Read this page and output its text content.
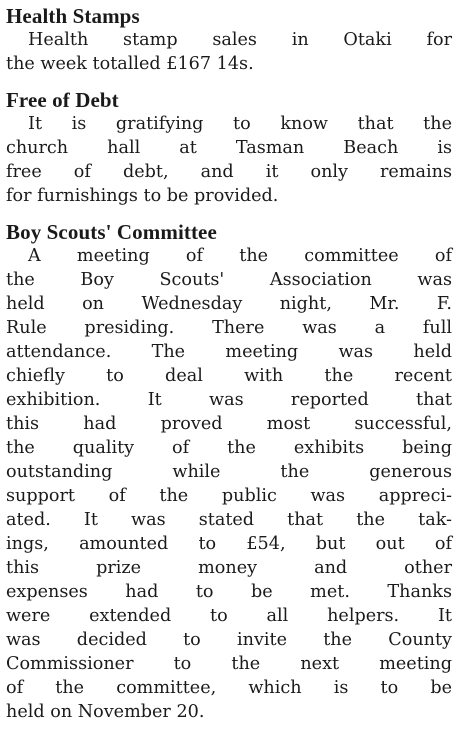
Health Stamps
Health stamp sales in Otaki for
the week totalled £167 14s.
Free of Debt
It is gratifying to know that the
church hall at Tasman Beach is
free of debt, and it only remains
for furnishings to be provided.
Boy Scouts' Committee
A meeting of the committee of
the Boy Scouts' Association was
held on Wednesday night, Mr. F.
Rule presiding. There was a full
attendance. The meeting was held
chiefly to deal with the recent
exhibition. It was reported that
this had proved most successful,
the quality of the exhibits being
outstanding while the generous
support of the public was appreci-
ated. It was stated that the tak-
ings, amounted to £54, but out of
this prize money and other
expenses had to be met. Thanks
were extended to all helpers. It
was decided to invite the County
Commissioner to the next meeting
of the committee, which is to be
held on November 20.
